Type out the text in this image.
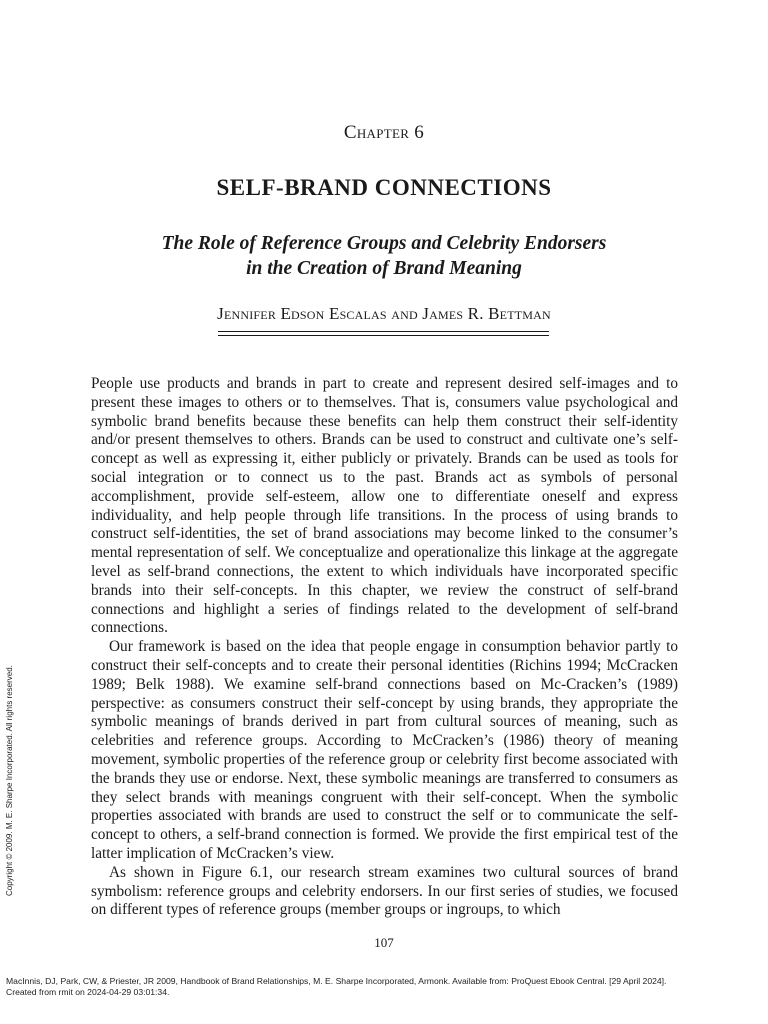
Chapter 6
SELF-BRAND CONNECTIONS
The Role of Reference Groups and Celebrity Endorsers
in the Creation of Brand Meaning
Jennifer Edson Escalas and James R. Bettman

People use products and brands in part to create and represent desired self-images and to present these images to others or to themselves. That is, consumers value psychological and symbolic brand benefits because these benefits can help them construct their self-identity and/or present themselves to others. Brands can be used to construct and cultivate one’s self-concept as well as expressing it, either publicly or privately. Brands can be used as tools for social integration or to connect us to the past. Brands act as symbols of personal accomplishment, provide self-esteem, allow one to differentiate oneself and express individuality, and help people through life transitions. In the process of using brands to construct self-identities, the set of brand associations may become linked to the consumer’s mental representation of self. We conceptualize and operationalize this linkage at the aggregate level as self-brand connections, the extent to which individuals have incorporated specific brands into their self-concepts. In this chapter, we review the construct of self-brand connections and highlight a series of findings related to the development of self-brand connections.

Our framework is based on the idea that people engage in consumption behavior partly to construct their self-concepts and to create their personal identities (Richins 1994; McCracken 1989; Belk 1988). We examine self-brand connections based on Mc-Cracken’s (1989) perspective: as consumers construct their self-concept by using brands, they appropriate the symbolic meanings of brands derived in part from cultural sources of meaning, such as celebrities and reference groups. According to McCracken’s (1986) theory of meaning movement, symbolic properties of the reference group or celebrity first become associated with the brands they use or endorse. Next, these symbolic meanings are transferred to consumers as they select brands with meanings congruent with their self-concept. When the symbolic properties associated with brands are used to construct the self or to communicate the self-concept to others, a self-brand connection is formed. We provide the first empirical test of the latter implication of McCracken’s view.

As shown in Figure 6.1, our research stream examines two cultural sources of brand symbolism: reference groups and celebrity endorsers. In our first series of studies, we focused on different types of reference groups (member groups or ingroups, to which

Copyright © 2009. M. E. Sharpe Incorporated. All rights reserved.
107
MacInnis, DJ, Park, CW, & Priester, JR 2009, Handbook of Brand Relationships, M. E. Sharpe Incorporated, Armonk. Available from: ProQuest Ebook Central. [29 April 2024].
Created from rmit on 2024-04-29 03:01:34.
